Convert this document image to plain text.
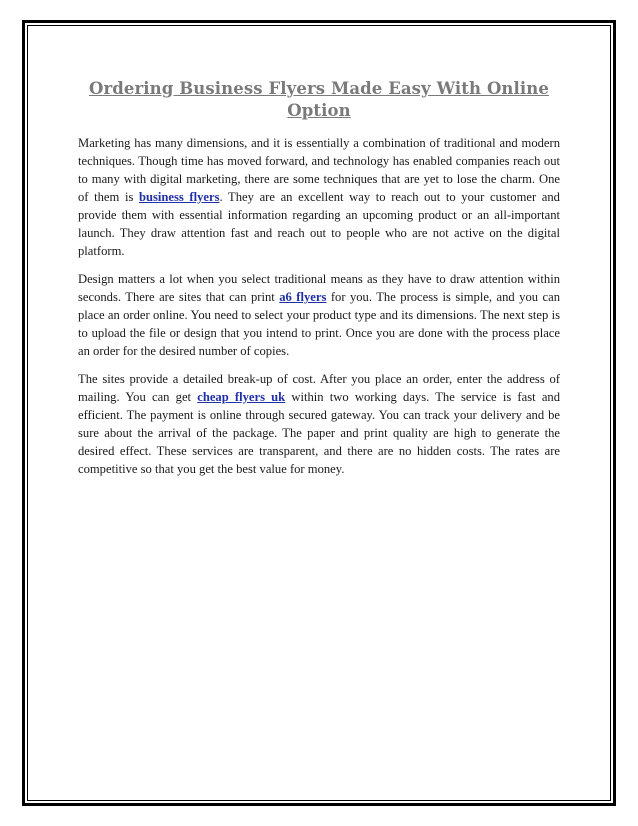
Ordering Business Flyers Made Easy With Online Option

Marketing has many dimensions, and it is essentially a combination of traditional and modern techniques. Though time has moved forward, and technology has enabled companies reach out to many with digital marketing, there are some techniques that are yet to lose the charm. One of them is business flyers. They are an excellent way to reach out to your customer and provide them with essential information regarding an upcoming product or an all-important launch. They draw attention fast and reach out to people who are not active on the digital platform.

Design matters a lot when you select traditional means as they have to draw attention within seconds. There are sites that can print a6 flyers for you. The process is simple, and you can place an order online. You need to select your product type and its dimensions. The next step is to upload the file or design that you intend to print. Once you are done with the process place an order for the desired number of copies.

The sites provide a detailed break-up of cost. After you place an order, enter the address of mailing. You can get cheap flyers uk within two working days. The service is fast and efficient. The payment is online through secured gateway. You can track your delivery and be sure about the arrival of the package. The paper and print quality are high to generate the desired effect. These services are transparent, and there are no hidden costs. The rates are competitive so that you get the best value for money.
